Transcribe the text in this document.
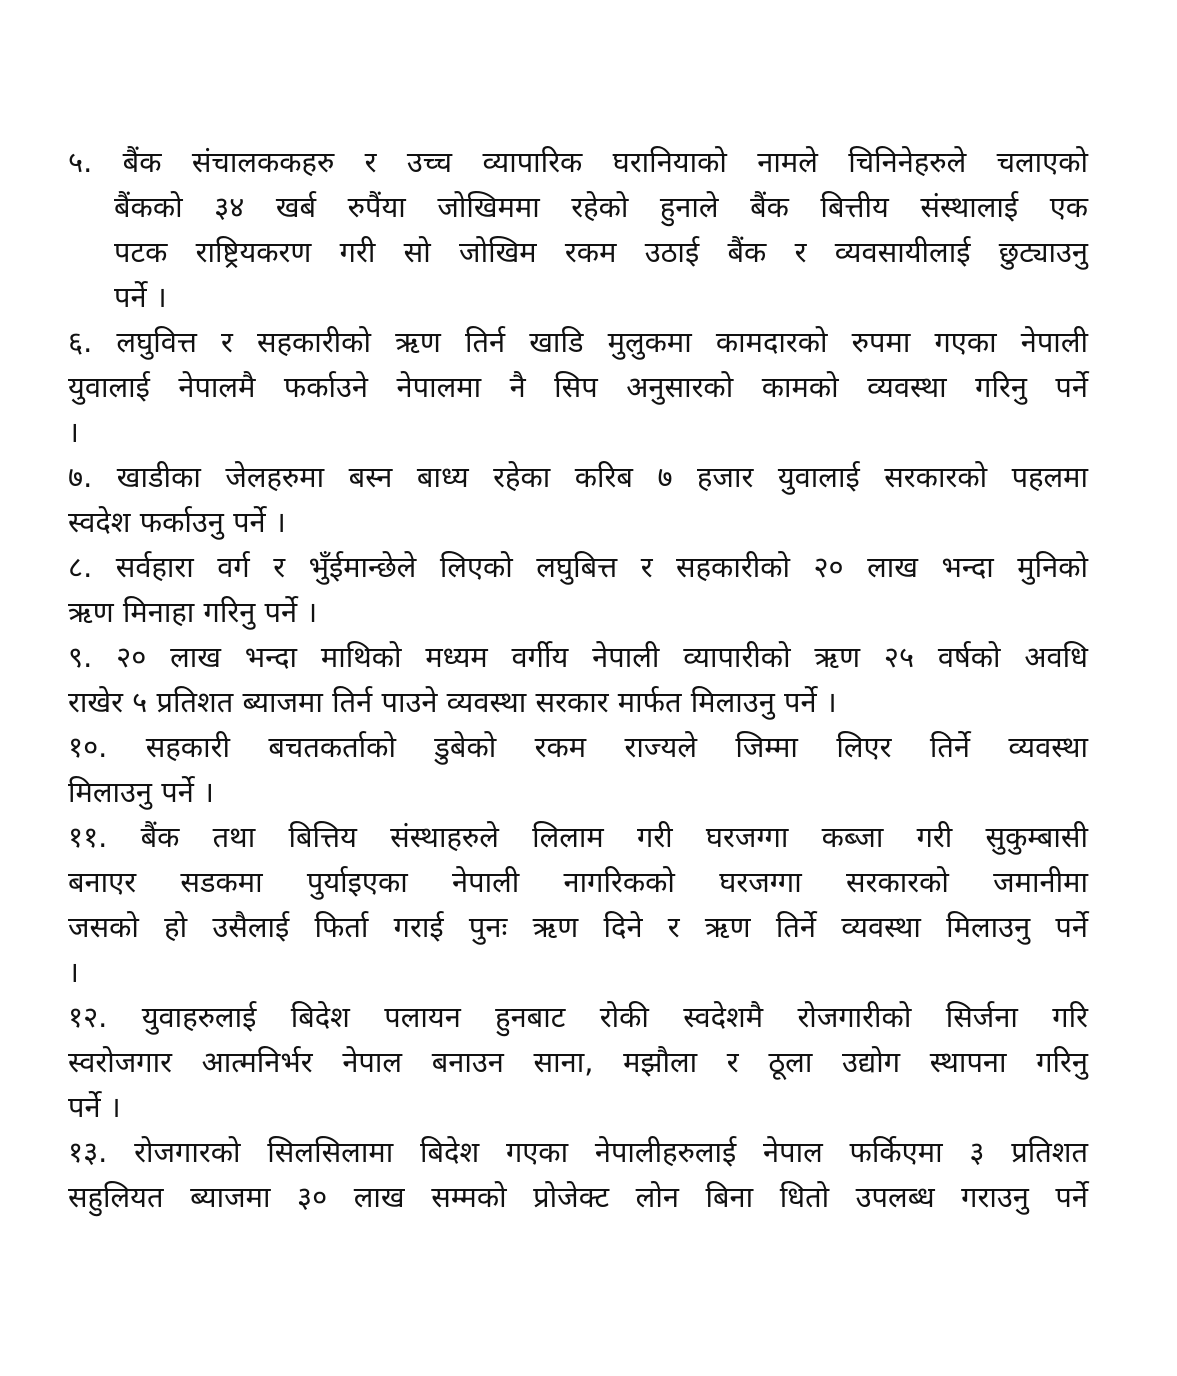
५. बैंक संचालककहरु र उच्च व्यापारिक घरानियाको नामले चिनिनेहरुले चलाएको
बैंकको ३४ खर्ब रुपैंया जोखिममा रहेको हुनाले बैंक बित्तीय संस्थालाई एक
पटक राष्ट्रियकरण गरी सो जोखिम रकम उठाई बैंक र व्यवसायीलाई छुट्याउनु
पर्ने ।
६. लघुवित्त र सहकारीको ऋण तिर्न खाडि मुलुकमा कामदारको रुपमा गएका नेपाली
युवालाई नेपालमै फर्काउने नेपालमा नै सिप अनुसारको कामको व्यवस्था गरिनु पर्ने
।
७. खाडीका जेलहरुमा बस्न बाध्य रहेका करिब ७ हजार युवालाई सरकारको पहलमा
स्वदेश फर्काउनु पर्ने ।
८. सर्वहारा वर्ग र भुँईमान्छेले लिएको लघुबित्त र सहकारीको २० लाख भन्दा मुनिको
ऋण मिनाहा गरिनु पर्ने ।
९. २० लाख भन्दा माथिको मध्यम वर्गीय नेपाली व्यापारीको ऋण २५ वर्षको अवधि
राखेर ५ प्रतिशत ब्याजमा तिर्न पाउने व्यवस्था सरकार मार्फत मिलाउनु पर्ने ।
१०. सहकारी बचतकर्ताको डुबेको रकम राज्यले जिम्मा लिएर तिर्ने व्यवस्था
मिलाउनु पर्ने ।
११. बैंक तथा बित्तिय संस्थाहरुले लिलाम गरी घरजग्गा कब्जा गरी सुकुम्बासी
बनाएर सडकमा पुर्याइएका नेपाली नागरिकको घरजग्गा सरकारको जमानीमा
जसको हो उसैलाई फिर्ता गराई पुनः ऋण दिने र ऋण तिर्ने व्यवस्था मिलाउनु पर्ने
।
१२. युवाहरुलाई बिदेश पलायन हुनबाट रोकी स्वदेशमै रोजगारीको सिर्जना गरि
स्वरोजगार आत्मनिर्भर नेपाल बनाउन साना, मझौला र ठूला उद्योग स्थापना गरिनु
पर्ने ।
१३. रोजगारको सिलसिलामा बिदेश गएका नेपालीहरुलाई नेपाल फर्किएमा ३ प्रतिशत
सहुलियत ब्याजमा ३० लाख सम्मको प्रोजेक्ट लोन बिना धितो उपलब्ध गराउनु पर्ने
